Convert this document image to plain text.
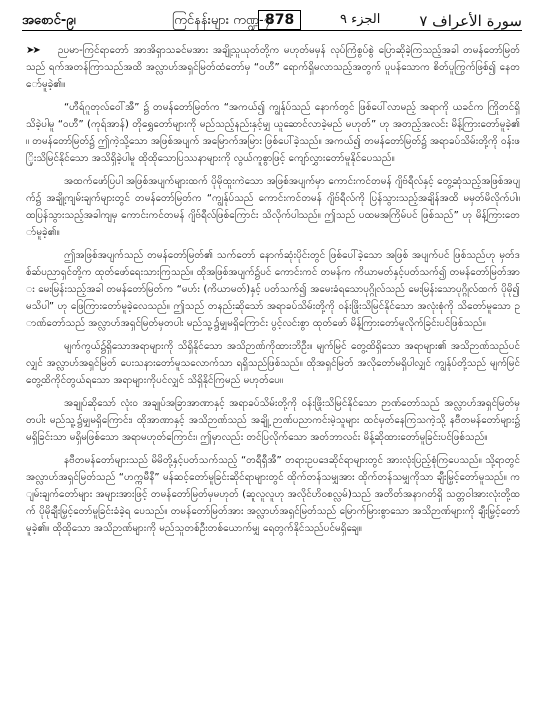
အစောင်-၉၊	ကြင်နန်းများ ကဏ္ဍ-၇
878	الجزء ٩	سورة الأعراف ٧

➤➤ ဉပမာ-ကြင်ရာတော် အာအိရှာသခင်မအား အချို့သူယုတ်တို့က မဟုတ်မမှန် လုပ်ကြံစွပ်စွဲ ပြောဆိုခဲ့ကြသည့်အခါ တမန်တော်မြတ်သည် ရက်အတန်ကြာသည်အထိ အလ္လာဟ်အရှင်မြတ်ထံတော်မှ “ဝဟီ” ရောက်ရှိမလာသည့်အတွက် ပူပန်သောက စိတ်ပူကြွက်ဖြစ်၍ နေတော်မူခဲ့၏။

“ဟီရ်ဂူတုလ်ဝေါ်အီ” ၌ တမန်တော်မြတ်က “အကယ်၍ ကျွန်ုပ်သည် နောက်တွင် ဖြစ်ပေါ်လာမည့် အရာကို ယခင်က ကြိုတင်ရှိသိခဲ့ပါမူ “ဝဟီ” (ကုရ်အာန်) တိုရွှေတော်များကို မည်သည့်နည်းနှင့်မျှ ယူဆောင်လာခဲ့မည် မဟုတ်” ဟု အတည့်အလင်း မိန့်ကြားတော်မူခဲ့၏။ တမန်တော်မြတ်၌ ဤကဲ့သို့သော အဖြစ်အပျက် အမြောက်အမြား ဖြစ်ပေါ်ခဲ့သည်။ အကယ်၍ တမန်တော်မြတ်၌ အရာခပ်သိမ်းတို့ကို ဝန်းဖြိုးသိမြင်နိုင်သော အသိရှိခဲ့ပါမူ ထိုထိုသောပြဿနာများကို လွယ်ကူစွာဖြင့် ကျော်လွှားတော်မူနိုင်ပေသည်။

အထက်ဖော်ပြပါ အဖြစ်အပျက်များထက် ပိုမိုထူးကဲသော အဖြစ်အပျက်မှာ ကောင်းကင်တမန် ဂျိဗ်ရီလ်နှင့် တွေ့ဆုံသည့်အဖြစ်အပျက်၌ အချို့ကျမ်းချက်များတွင် တမန်တော်မြတ်က “ကျွန်ုပ်သည် ကောင်းကင်တမန် ဂျိဗ်ရီလ်ကို ပြန်သွားသည့်အချိန်အထိ မမှတ်မိလိုက်ပါ။ ထပြန်သွားသည့်အခါကျမှ ကောင်းကင်တမန် ဂျိဗ်ရီလ်ဖြစ်ကြောင်း သိလိုက်ပါသည်။ ဤသည် ပထမအကြိမ်ပင် ဖြစ်သည်” ဟု မိန့်ကြားတော်မူခဲ့၏။

ဤအဖြစ်အပျက်သည် တမန်တော်မြတ်၏ သက်တော် နောက်ဆုံးပိုင်းတွင် ဖြစ်ပေါ်ခဲ့သော အဖြစ် အပျက်ပင် ဖြစ်သည်ဟု မှတ်ဒစ်ဆ်ပညာရှင်တို့က ထုတ်ဖော်ရေးသားကြသည်။ ထိုအဖြစ်အပျက်၌ပင် ကောင်းကင် တမန်က ကိယာမတ်နှင့်ပတ်သက်၍ တမန်တော်မြတ်အား မေးမြန်းသည့်အခါ တမန်တော်မြတ်က “မဟ်း (ကိယာမတ်)နှင့် ပတ်သက်၍ အမေးခံရသောပုဂ္ဂိုလ်သည် မေးမြန်းသောပုဂ္ဂိုလ်ထက် ပိုမို၍မသိပါ” ဟု ဖြေကြားတော်မူခဲ့လေသည်။ ဤသည် တနည်းဆိုသော် အရာခပ်သိမ်းတို့ကို ဝန်းဖြိုးသိမြင်နိုင်သော အလုံးစုံကို သိတော်မူသော ဉာဏ်တော်သည် အလ္လာဟ်အရှင်မြတ်မှတပါး မည်သူ့၌မျှမရှိကြောင်း ပွင့်လင်းစွာ ထုတ်ဖော် မိန့်ကြားတော်မူလိုက်ခြင်းပင်ဖြစ်သည်။

မျက်ကွယ်၌ရှိသောအရာများကို သိရှိနိုင်သော အသိဉာဏ်ကိုထားဘိဦး။ မျက်မြင် တွေ့ထိရှိသော အရာများ၏ အသိဉာဏ်သည်ပင်လျှင် အလ္လာဟ်အရှင်မြတ် ပေးသနားတော်မူသလောက်သာ ရရှိသည်ဖြစ်သည်။ ထိုအရှင်မြတ် အလိုတော်မရှိပါလျှင် ကျွန်ုပ်တို့သည် မျက်မြင်တွေ့ထိကိုင်တွယ်ရသော အရာများကိုပင်လျှင် သိရှိနိုင်ကြမည် မဟုတ်ပေ။

အချုပ်ဆိုသော် လုံးဝ အချုပ်အခြာအာဏာနှင့် အရာခပ်သိမ်းတို့ကို ဝန်းဖြိုးသိမြင်နိုင်သော ဉာဏ်တော်သည် အလ္လာဟ်အရှင်မြတ်မှတပါး မည်သူ့၌မျှမရှိကြောင်း၊ ထိုအာဏာနှင့် အသိဉာဏ်သည် အချို့ ဉာဏ်ပညာကင်းမဲ့သူများ ထင်မှတ်နေကြသကဲ့သို့ နဗီတမန်တော်များ၌ မရှိခြင်းသာ မရှိမဖြစ်သော အရာမဟုတ်ကြောင်း၊ ဤမှာလည်း တင်ပြလိုက်သော အတ်ဘာလင်း မိန့်ဆိုထားတော်မူခြင်းပင်ဖြစ်သည်။

နဗီတမန်တော်များသည် မိမိတို့နှင့်ပတ်သက်သည့် “တရီရှီအီ” တရားဥပဒေဆိုင်ရာများတွင် အားလုံးပြည့်စုံကြပေသည်။ သို့ရာတွင် အလ္လာဟ်အရှင်မြတ်သည် “ဟက္ကမီနီ” မန်ဆင့်တော်မူခြင်းဆိုင်ရာများတွင် ထိုက်တန်သမျှအား ထိုက်တန်သမျှကိုသာ ချီးမြှင့်တော်မူသည်။ ကျမ်းချက်တော်များ အများအားဖြင့် တမန်တော်မြတ်မှမဟုတ် (ဆူလူလူဟု အလိုင်ဟိဝစလ္လမ်)သည် အတိတ်အနာဂတ်ရှိ သတ္တဝါအားလုံးတို့ထက် ပိုမိုချီးမြှင့်တော်မူခြင်းခံခဲ့ရ ပေသည်။ တမန်တော်မြတ်အား အလ္လာဟ်အရှင်မြတ်သည် မြောက်မြားစွာသော အသိဉာဏ်များကို ချီးမြှင့်တော် မူခဲ့၏။ ထိုထိုသော အသိဉာဏ်များကို မည်သူတစ်ဦးတစ်ယောက်မျှ ရေတွက်နိုင်သည်ပင်မရှိချေ။
